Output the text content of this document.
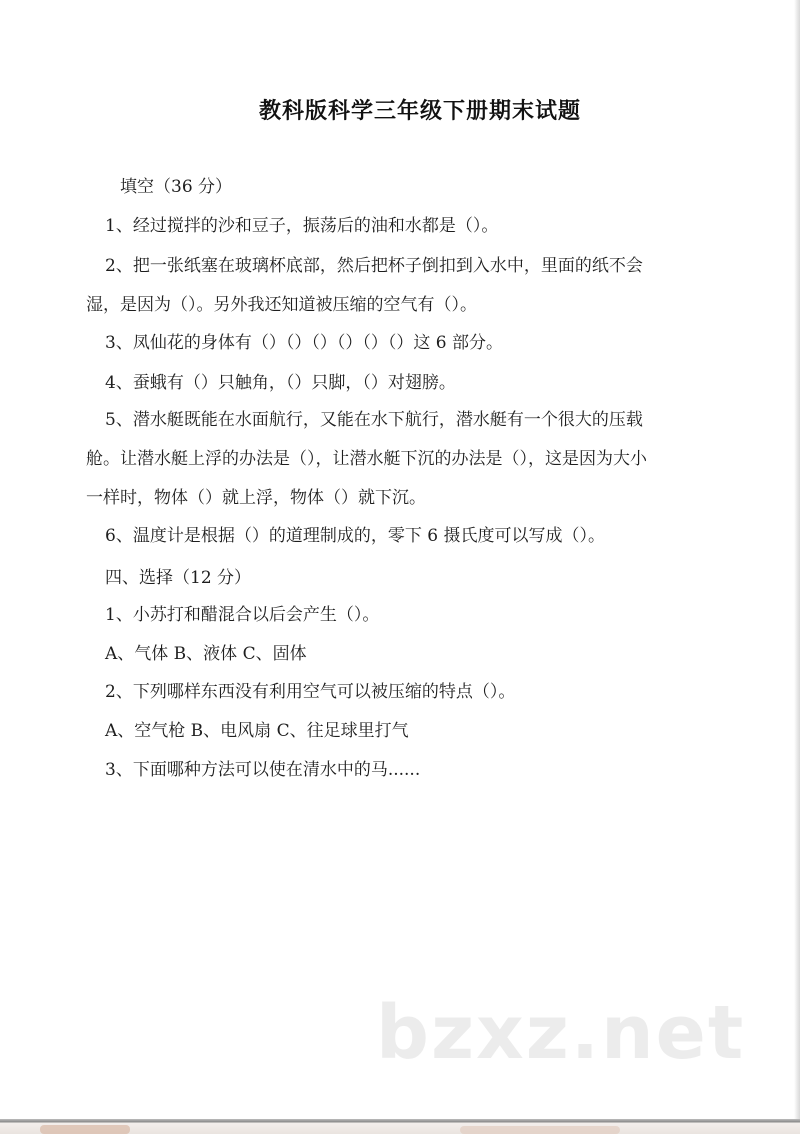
教科版科学三年级下册期末试题
填空（36 分）
1、经过搅拌的沙和豆子，振荡后的油和水都是（）。
2、把一张纸塞在玻璃杯底部，然后把杯子倒扣到入水中，里面的纸不会
湿，是因为（）。另外我还知道被压缩的空气有（）。
3、凤仙花的身体有（）（）（）（）（）（）这 6 部分。
4、蚕蛾有（）只触角，（）只脚，（）对翅膀。
5、潜水艇既能在水面航行，又能在水下航行，潜水艇有一个很大的压载
舱。让潜水艇上浮的办法是（），让潜水艇下沉的办法是（），这是因为大小
一样时，物体（）就上浮，物体（）就下沉。
6、温度计是根据（）的道理制成的，零下 6 摄氏度可以写成（）。
四、选择（12 分）
1、小苏打和醋混合以后会产生（）。
A、气体 B、液体 C、固体
2、下列哪样东西没有利用空气可以被压缩的特点（）。
A、空气枪 B、电风扇 C、往足球里打气
3、下面哪种方法可以使在清水中的马......
bzxz.net
